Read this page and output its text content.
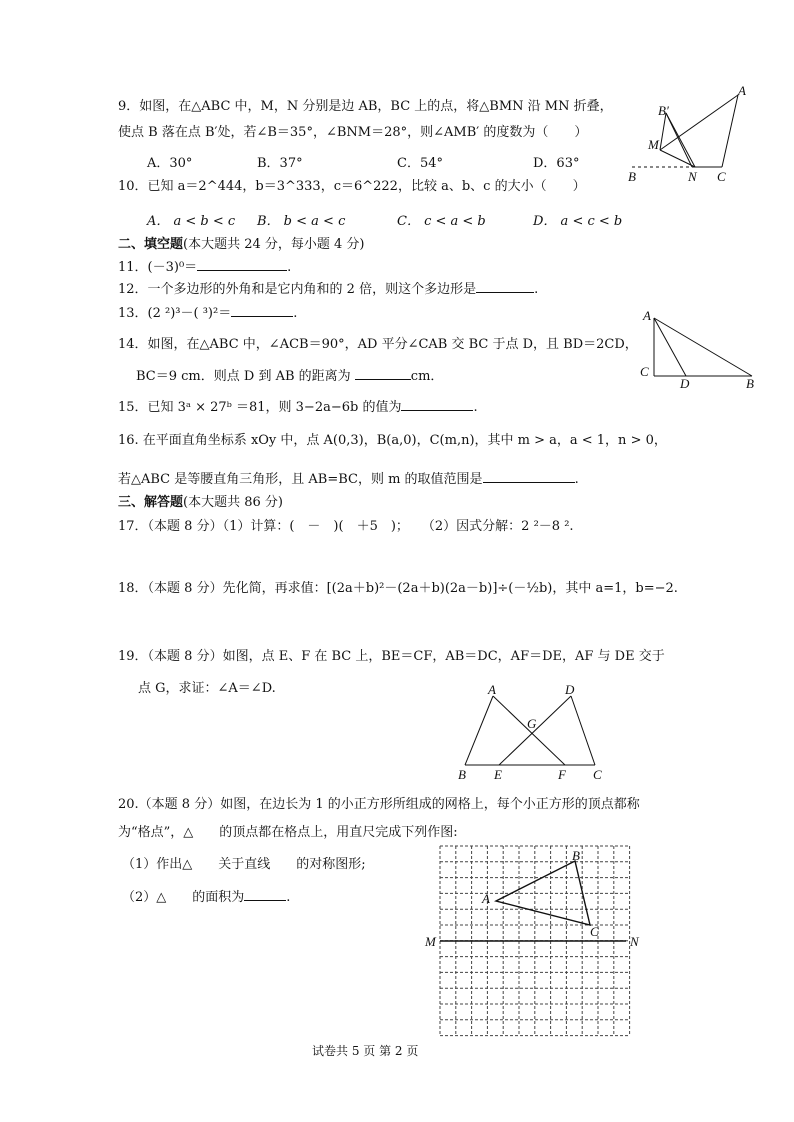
9．如图，在△ABC 中，M，N 分别是边 AB，BC 上的点，将△BMN 沿 MN 折叠，
使点 B 落在点 B′处，若∠B＝35°，∠BNM＝28°，则∠AMB′ 的度数为（　　）
A．30°	B．37°	C．54°	D．63°
A
B′
M
B	N C
10．已知 a＝2^444，b＝3^333，c＝6^222，比较 a、b、c 的大小（　　）
A． a < b < c B． b < a < c	C． c < a < b	D． a < c < b
二、填空题(本大题共 24 分，每小题 4 分)
11．(－3)⁰＝	.
12．一个多边形的外角和是它内角和的 2 倍，则这个多边形是	.
13．(2 ²)³－( ³)²＝	.
14．如图，在△ABC 中，∠ACB＝90°，AD 平分∠CAB 交 BC 于点 D，且 BD＝2CD，
BC＝9 cm．则点 D 到 AB 的距离为	cm．
A
C
D	B
15．已知 3ᵃ × 27ᵇ ＝81，则 3−2a−6b 的值为	.
16. 在平面直角坐标系 xOy 中，点 A(0,3)，B(a,0)，C(m,n)，其中 m > a，a < 1，n > 0，
若△ABC 是等腰直角三角形，且 AB=BC，则 m 的取值范围是	.
三、解答题(本大题共 86 分)
17．（本题 8 分）（1）计算：(　－　)(　＋5　)；　　（2）因式分解：2 ²－8 ².
18．（本题 8 分）先化简，再求值：[(2a＋b)²－(2a＋b)(2a－b)]÷(－½b)，其中 a=1，b=−2.
19．（本题 8 分）如图，点 E、F 在 BC 上，BE＝CF，AB＝DC，AF＝DE，AF 与 DE 交于
点 G，求证：∠A＝∠D.	A	D
G
B E	F C
20.（本题 8 分）如图，在边长为 1 的小正方形所组成的网格上，每个小正方形的顶点都称
为“格点”，△　　的顶点都在格点上，用直尺完成下列作图:
（1）作出△　　关于直线　　的对称图形;
（2）△　　的面积为	.	A
B
C
M	N
试卷共 5 页 第 2 页
